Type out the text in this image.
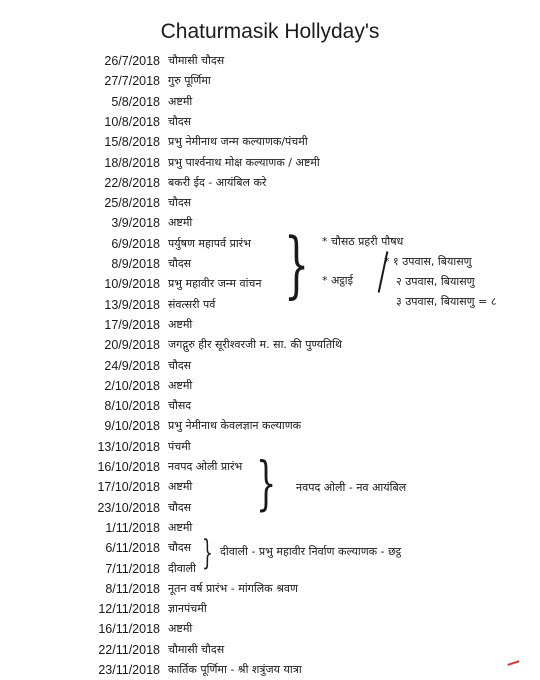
Chaturmasik Hollyday's
26/7/2018 चौमासी चौदस
27/7/2018 गुरु पूर्णिमा
5/8/2018 अष्टमी
10/8/2018 चौदस
15/8/2018 प्रभु नेमीनाथ जन्म कल्याणक/पंचमी
18/8/2018 प्रभु पार्श्वनाथ मोक्ष कल्याणक / अष्टमी
22/8/2018 बकरी ईद - आयंबिल करे
25/8/2018 चौदस
3/9/2018 अष्टमी
6/9/2018 पर्युषण महापर्व प्रारंभ
8/9/2018 चौदस
10/9/2018 प्रभु महावीर जन्म वांचन
13/9/2018 संवत्सरी पर्व
17/9/2018 अष्टमी
20/9/2018 जगद्गुरु हीर सूरीश्वरजी म. सा. की पुण्यतिथि
24/9/2018 चौदस
2/10/2018 अष्टमी
8/10/2018 चौसद
9/10/2018 प्रभु नेमीनाथ केवलज्ञान कल्याणक
13/10/2018 पंचमी
16/10/2018 नवपद ओली प्रारंभ
17/10/2018 अष्टमी
23/10/2018 चौदस
1/11/2018 अष्टमी
6/11/2018 चौदस
7/11/2018 दीवाली
8/11/2018 नूतन वर्ष प्रारंभ - मांगलिक श्रवण
12/11/2018 ज्ञानपंचमी
16/11/2018 अष्टमी
22/11/2018 चौमासी चौदस
23/11/2018 कार्तिक पूर्णिमा - श्री शत्रुंजय यात्रा
} * चौसठ प्रहरी पौषध
* अट्ठाई
* १ उपवास, बियासणु
२ उपवास, बियासणु
३ उपवास, बियासणु = ८
} नवपद ओली - नव आयंबिल
} दीवाली - प्रभु महावीर निर्वाण कल्याणक - छट्ठ
